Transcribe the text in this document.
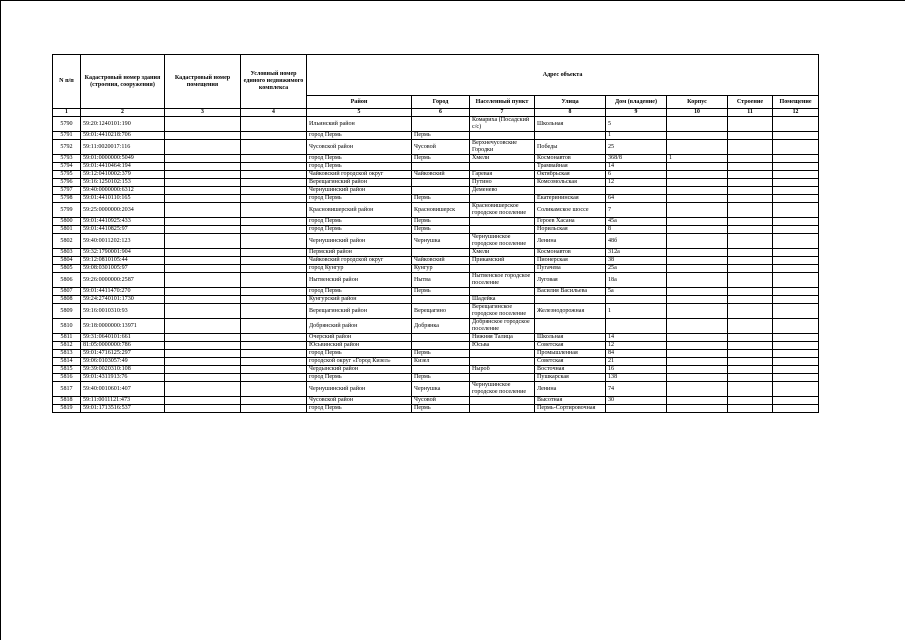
N п/п	Кадастровый номер здания (строения, сооружения)	Кадастровый номер помещения	Условный номер единого недвижимого комплекса	Адрес объекта							
				Район	Город	Населенный пункт	Улица	Дом (владение)	Корпус	Строение	Помещение
1	2	3	4	5	6	7	8	9	10	11	12
5790	59:20:1240101:190			Ильинский район		Комариха (Посадский с/с)	Школьная	5			
5791	59:01:4410218:706			город Пермь	Пермь			1			
5792	59:11:0020017:116			Чусовской район	Чусовой	Верхнечусовские Городки	Победы	25			
5793	59:01:0000000:5049			город Пермь	Пермь	Хмели	Космонавтов	368/8	1		
5794	59:01:4410464:194			город Пермь			Трамвайная	14			
5795	59:12:0410002:379			Чайковский городской округ	Чайковский	Гаревая	Октябрьская	6			
5796	59:16:1250102:153			Верещагинский район		Путино	Комсомольская	12			
5797	59:40:0000000:6312			Чернушинский район		Деменево					
5798	59:01:4410110:165			город Пермь	Пермь		Екатерининская	64			
5799	59:25:0000000:2034			Красновишерский район	Красновишерск	Красновишерское городское поселение	Соликамское шоссе	7			
5800	59:01:4410925:433			город Пермь	Пермь		Героев Хасана	45а			
5801	59:01:4410825:97			город Пермь	Пермь		Норильская	8			
5802	59:40:0011202:123			Чернушинский район	Чернушка	Чернушинское городское поселение	Ленина	48б			
5803	59:32:1790001:904			Пермский район		Хмели	Космонавтов	312а			
5804	59:12:0810105:44			Чайковский городской округ	Чайковский	Прикамский	Пионерская	38			
5805	59:08:0301005:97			город Кунгур	Кунгур		Пугачева	25а			
5806	59:26:0000000:2587			Нытвенский район	Нытва	Нытвенское городское поселение	Луговая	18а			
5807	59:01:4411470:270			город Пермь	Пермь		Василия Васильева	5а			
5808	59:24:2740101:1730			Кунгурский район		Шадейка					
5809	59:16:0010310:93			Верещагинский район	Верещагино	Верещагинское городское поселение	Железнодорожная	1			
5810	59:18:0000000:13971			Добрянский район	Добрянка	Добрянское городское поселение					
5811	59:31:0640101:661			Очерский район		Нижняя Талица	Школьная	14			
5812	81:05:0000000:786			Юсьвинский район		Юсьва	Советская	12			
5813	59:01:4716125:297			город Пермь	Пермь		Промышленная	84			
5814	59:06:0103057:49			городской округ «Город Кизел»	Кизел		Советская	21			
5815	59:39:0020310:108			Чердынский район		Ныроб	Восточная	16			
5816	59:01:4311913:76			город Пермь	Пермь		Пушкарская	138			
5817	59:40:0010601:407			Чернушинский район	Чернушка	Чернушинское городское поселение	Ленина	74			
5818	59:11:0011121:473			Чусовской район	Чусовой		Высотная	30			
5819	59:01:1713516:537			город Пермь	Пермь		Пермь-Сортировочная				
